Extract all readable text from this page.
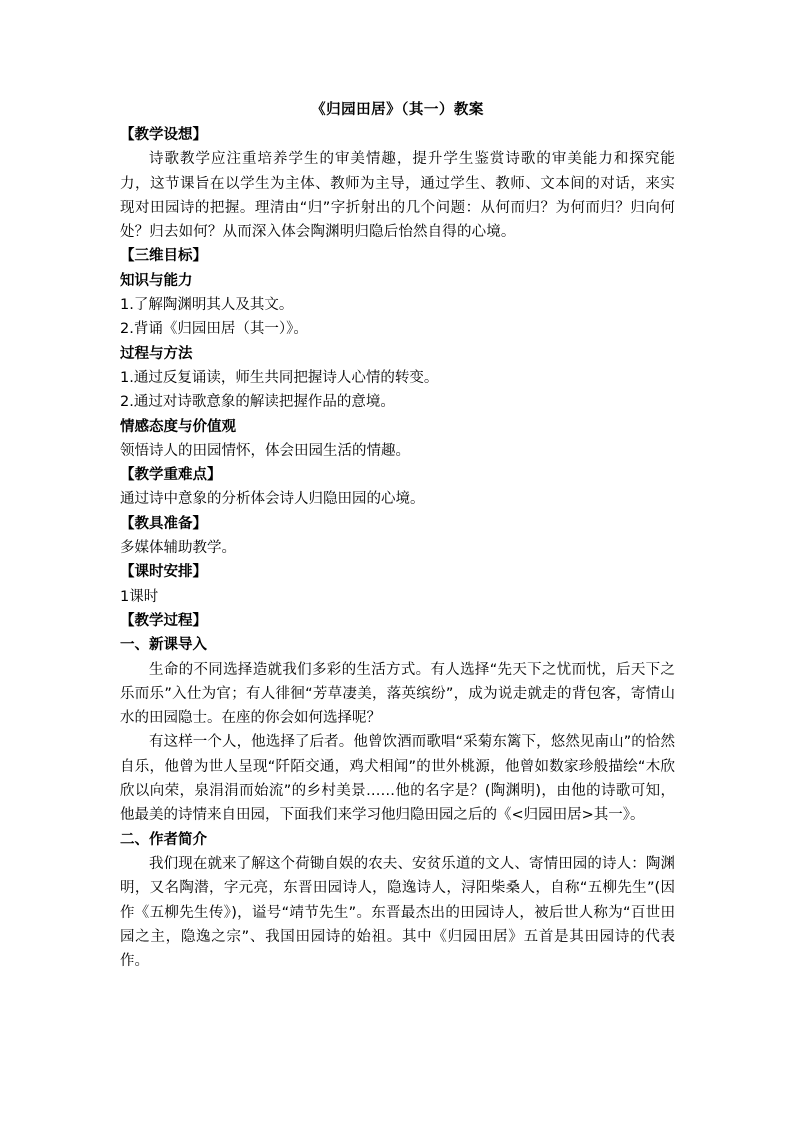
《归园田居》（其一）教案
【教学设想】
诗歌教学应注重培养学生的审美情趣，提升学生鉴赏诗歌的审美能力和探究能力，这节课旨在以学生为主体、教师为主导，通过学生、教师、文本间的对话，来实现对田园诗的把握。理清由“归”字折射出的几个问题：从何而归？为何而归？归向何处？归去如何？从而深入体会陶渊明归隐后怡然自得的心境。
【三维目标】
知识与能力
1.了解陶渊明其人及其文。
2.背诵《归园田居（其一）》。
过程与方法
1.通过反复诵读，师生共同把握诗人心情的转变。
2.通过对诗歌意象的解读把握作品的意境。
情感态度与价值观
领悟诗人的田园情怀，体会田园生活的情趣。
【教学重难点】
通过诗中意象的分析体会诗人归隐田园的心境。
【教具准备】
多媒体辅助教学。
【课时安排】
1课时
【教学过程】
一、新课导入
生命的不同选择造就我们多彩的生活方式。有人选择“先天下之忧而忧，后天下之乐而乐”入仕为官；有人徘徊“芳草凄美，落英缤纷”，成为说走就走的背包客，寄情山水的田园隐士。在座的你会如何选择呢？
有这样一个人，他选择了后者。他曾饮酒而歌唱“采菊东篱下，悠然见南山”的恰然自乐，他曾为世人呈现“阡陌交通，鸡犬相闻”的世外桃源，他曾如数家珍般描绘“木欣欣以向荣，泉涓涓而始流”的乡村美景……他的名字是？(陶渊明)，由他的诗歌可知，他最美的诗情来自田园，下面我们来学习他归隐田园之后的《<归园田居>其一》。
二、作者简介
我们现在就来了解这个荷锄自娱的农夫、安贫乐道的文人、寄情田园的诗人：陶渊明，又名陶潜，字元亮，东晋田园诗人，隐逸诗人，浔阳柴桑人，自称“五柳先生”(因作《五柳先生传》)，谥号“靖节先生”。东晋最杰出的田园诗人，被后世人称为“百世田园之主，隐逸之宗”、我国田园诗的始祖。其中《归园田居》五首是其田园诗的代表作。
